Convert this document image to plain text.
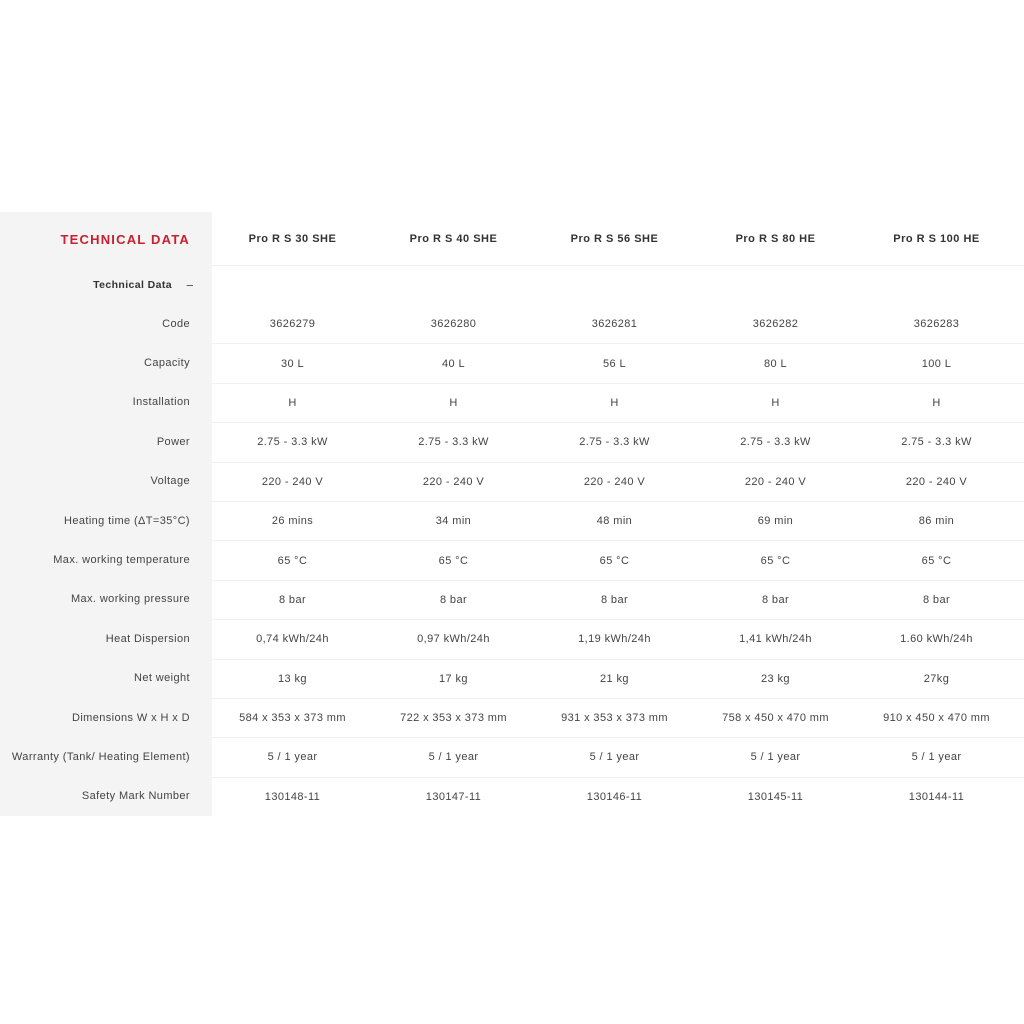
TECHNICAL DATA	Pro R S 30 SHE	Pro R S 40 SHE	Pro R S 56 SHE	Pro R S 80 HE	Pro R S 100 HE
Technical Data −
Code	3626279	3626280	3626281	3626282	3626283
Capacity	30 L	40 L	56 L	80 L	100 L
Installation	H	H	H	H	H
Power	2.75 - 3.3 kW	2.75 - 3.3 kW	2.75 - 3.3 kW	2.75 - 3.3 kW	2.75 - 3.3 kW
Voltage	220 - 240 V	220 - 240 V	220 - 240 V	220 - 240 V	220 - 240 V
Heating time (ΔT=35°C)	26 mins	34 min	48 min	69 min	86 min
Max. working temperature	65 °C	65 °C	65 °C	65 °C	65 °C
Max. working pressure	8 bar	8 bar	8 bar	8 bar	8 bar
Heat Dispersion	0,74 kWh/24h	0,97 kWh/24h	1,19 kWh/24h	1,41 kWh/24h	1.60 kWh/24h
Net weight	13 kg	17 kg	21 kg	23 kg	27kg
Dimensions W x H x D	584 x 353 x 373 mm	722 x 353 x 373 mm	931 x 353 x 373 mm	758 x 450 x 470 mm	910 x 450 x 470 mm
Warranty (Tank/ Heating Element)	5 / 1 year	5 / 1 year	5 / 1 year	5 / 1 year	5 / 1 year
Safety Mark Number	130148-11	130147-11	130146-11	130145-11	130144-11
